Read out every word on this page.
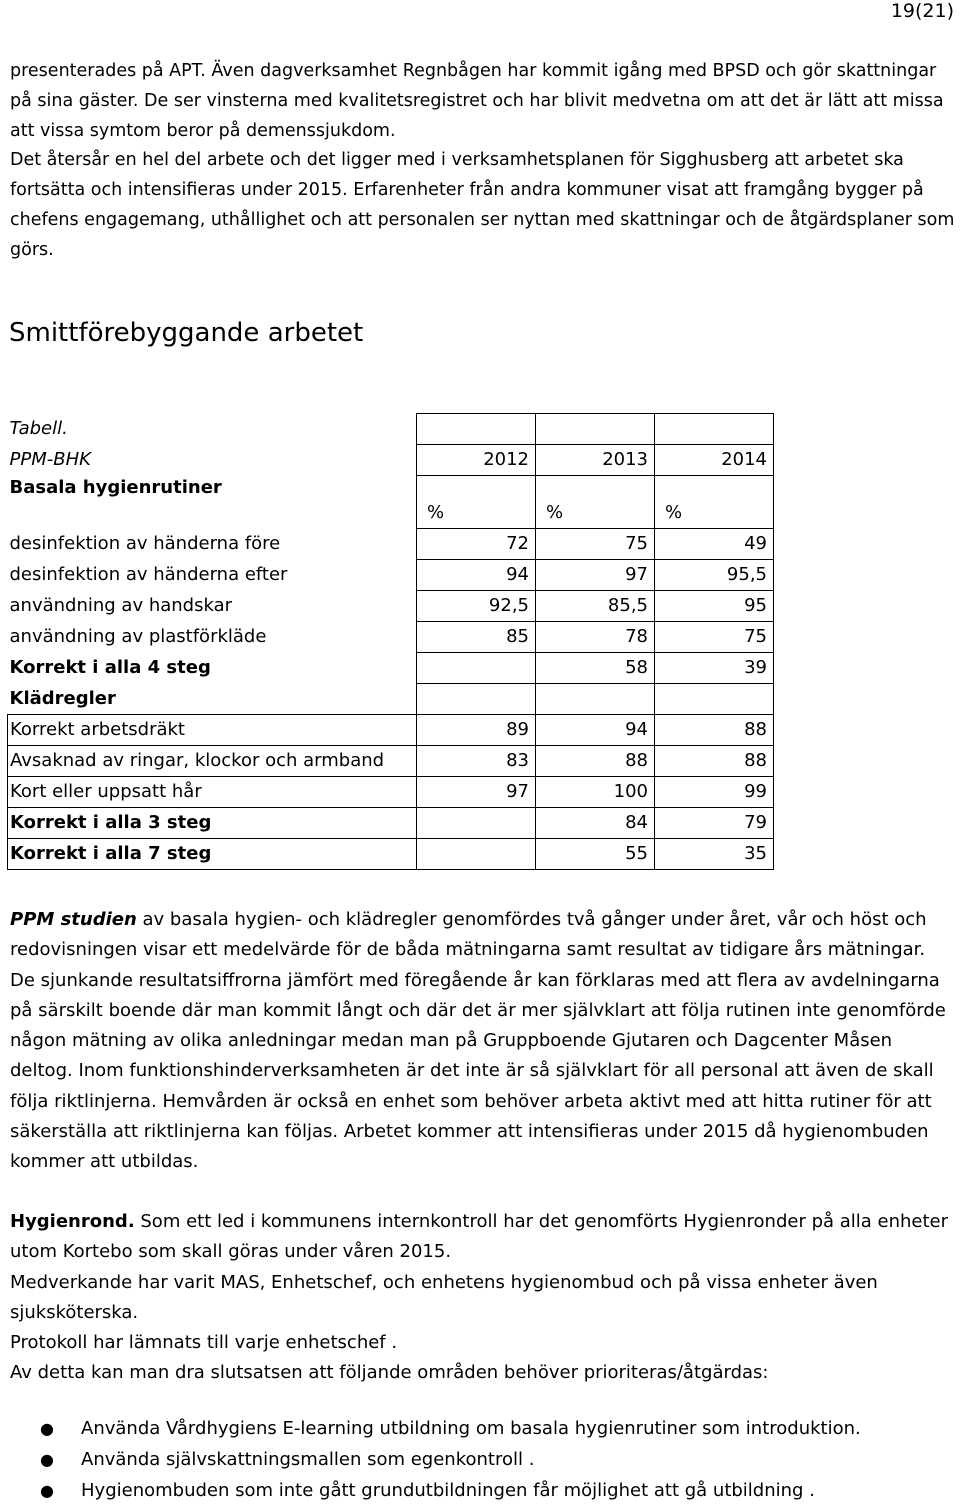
19(21)

presenterades på APT. Även dagverksamhet Regnbågen har kommit igång med BPSD och gör skattningar på sina gäster. De ser vinsterna med kvalitetsregistret och har blivit medvetna om att det är lätt att missa att vissa symtom beror på demenssjukdom.

Det återsår en hel del arbete och det ligger med i verksamhetsplanen för Sigghusberg att arbetet ska fortsätta och intensifieras under 2015. Erfarenheter från andra kommuner visat att framgång bygger på chefens engagemang, uthållighet och att personalen ser nyttan med skattningar och de åtgärdsplaner som görs.

Smittförebyggande arbetet
Tabell.			
PPM-BHK	2012	2013	2014
Basala hygienrutiner	%	%	%
desinfektion av händerna före	72	75	49
desinfektion av händerna efter	94	97	95,5
användning av handskar	92,5	85,5	95
användning av plastförkläde	85	78	75
Korrekt i alla 4 steg		58	39
Klädregler			
Korrekt arbetsdräkt	89	94	88
Avsaknad av ringar, klockor och armband	83	88	88
Kort eller uppsatt hår	97	100	99
Korrekt i alla 3 steg		84	79
Korrekt i alla 7 steg		55	35

PPM studien av basala hygien- och klädregler genomfördes två gånger under året, vår och höst och redovisningen visar ett medelvärde för de båda mätningarna samt resultat av tidigare års mätningar. De sjunkande resultatsiffrorna jämfört med föregående år kan förklaras med att flera av avdelningarna på särskilt boende där man kommit långt och där det är mer självklart att följa rutinen inte genomförde någon mätning av olika anledningar medan man på Gruppboende Gjutaren och Dagcenter Måsen deltog. Inom funktionshinderverksamheten är det inte är så självklart för all personal att även de skall följa riktlinjerna. Hemvården är också en enhet som behöver arbeta aktivt med att hitta rutiner för att säkerställa att riktlinjerna kan följas. Arbetet kommer att intensifieras under 2015 då hygienombuden kommer att utbildas.

Hygienrond. Som ett led i kommunens internkontroll har det genomförts Hygienronder på alla enheter utom Kortebo som skall göras under våren 2015.
Medverkande har varit MAS, Enhetschef, och enhetens hygienombud och på vissa enheter även sjuksköterska.
Protokoll har lämnats till varje enhetschef .
Av detta kan man dra slutsatsen att följande områden behöver prioriteras/åtgärdas:
● Använda Vårdhygiens E-learning utbildning om basala hygienrutiner som introduktion.
● Använda självskattningsmallen som egenkontroll .
● Hygienombuden som inte gått grundutbildningen får möjlighet att gå utbildning .
